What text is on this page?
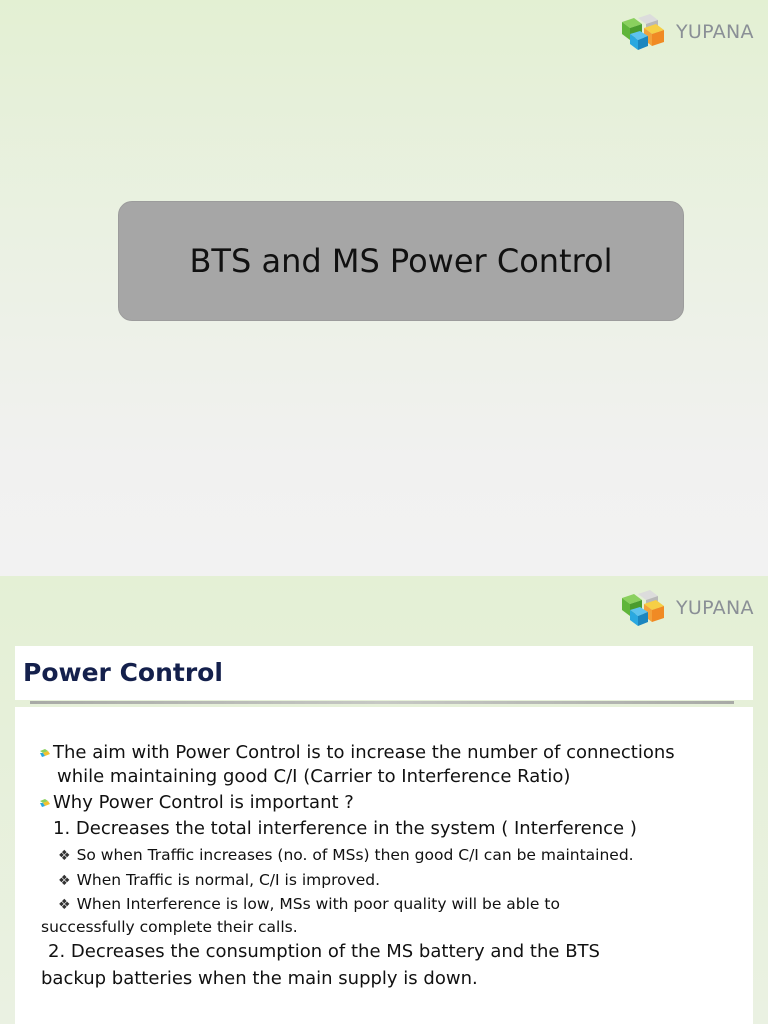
YUPANA
BTS and MS Power Control
YUPANA
Power Control
The aim with Power Control is to increase the number of connections
while maintaining good C/I (Carrier to Interference Ratio)
Why Power Control is important ?
1. Decreases the total interference in the system ( Interference )
❖ So when Traffic increases (no. of MSs) then good C/I can be maintained.
❖ When Traffic is normal, C/I is improved.
❖ When Interference is low, MSs with poor quality will be able to
successfully complete their calls.
2. Decreases the consumption of the MS battery and the BTS
backup batteries when the main supply is down.
